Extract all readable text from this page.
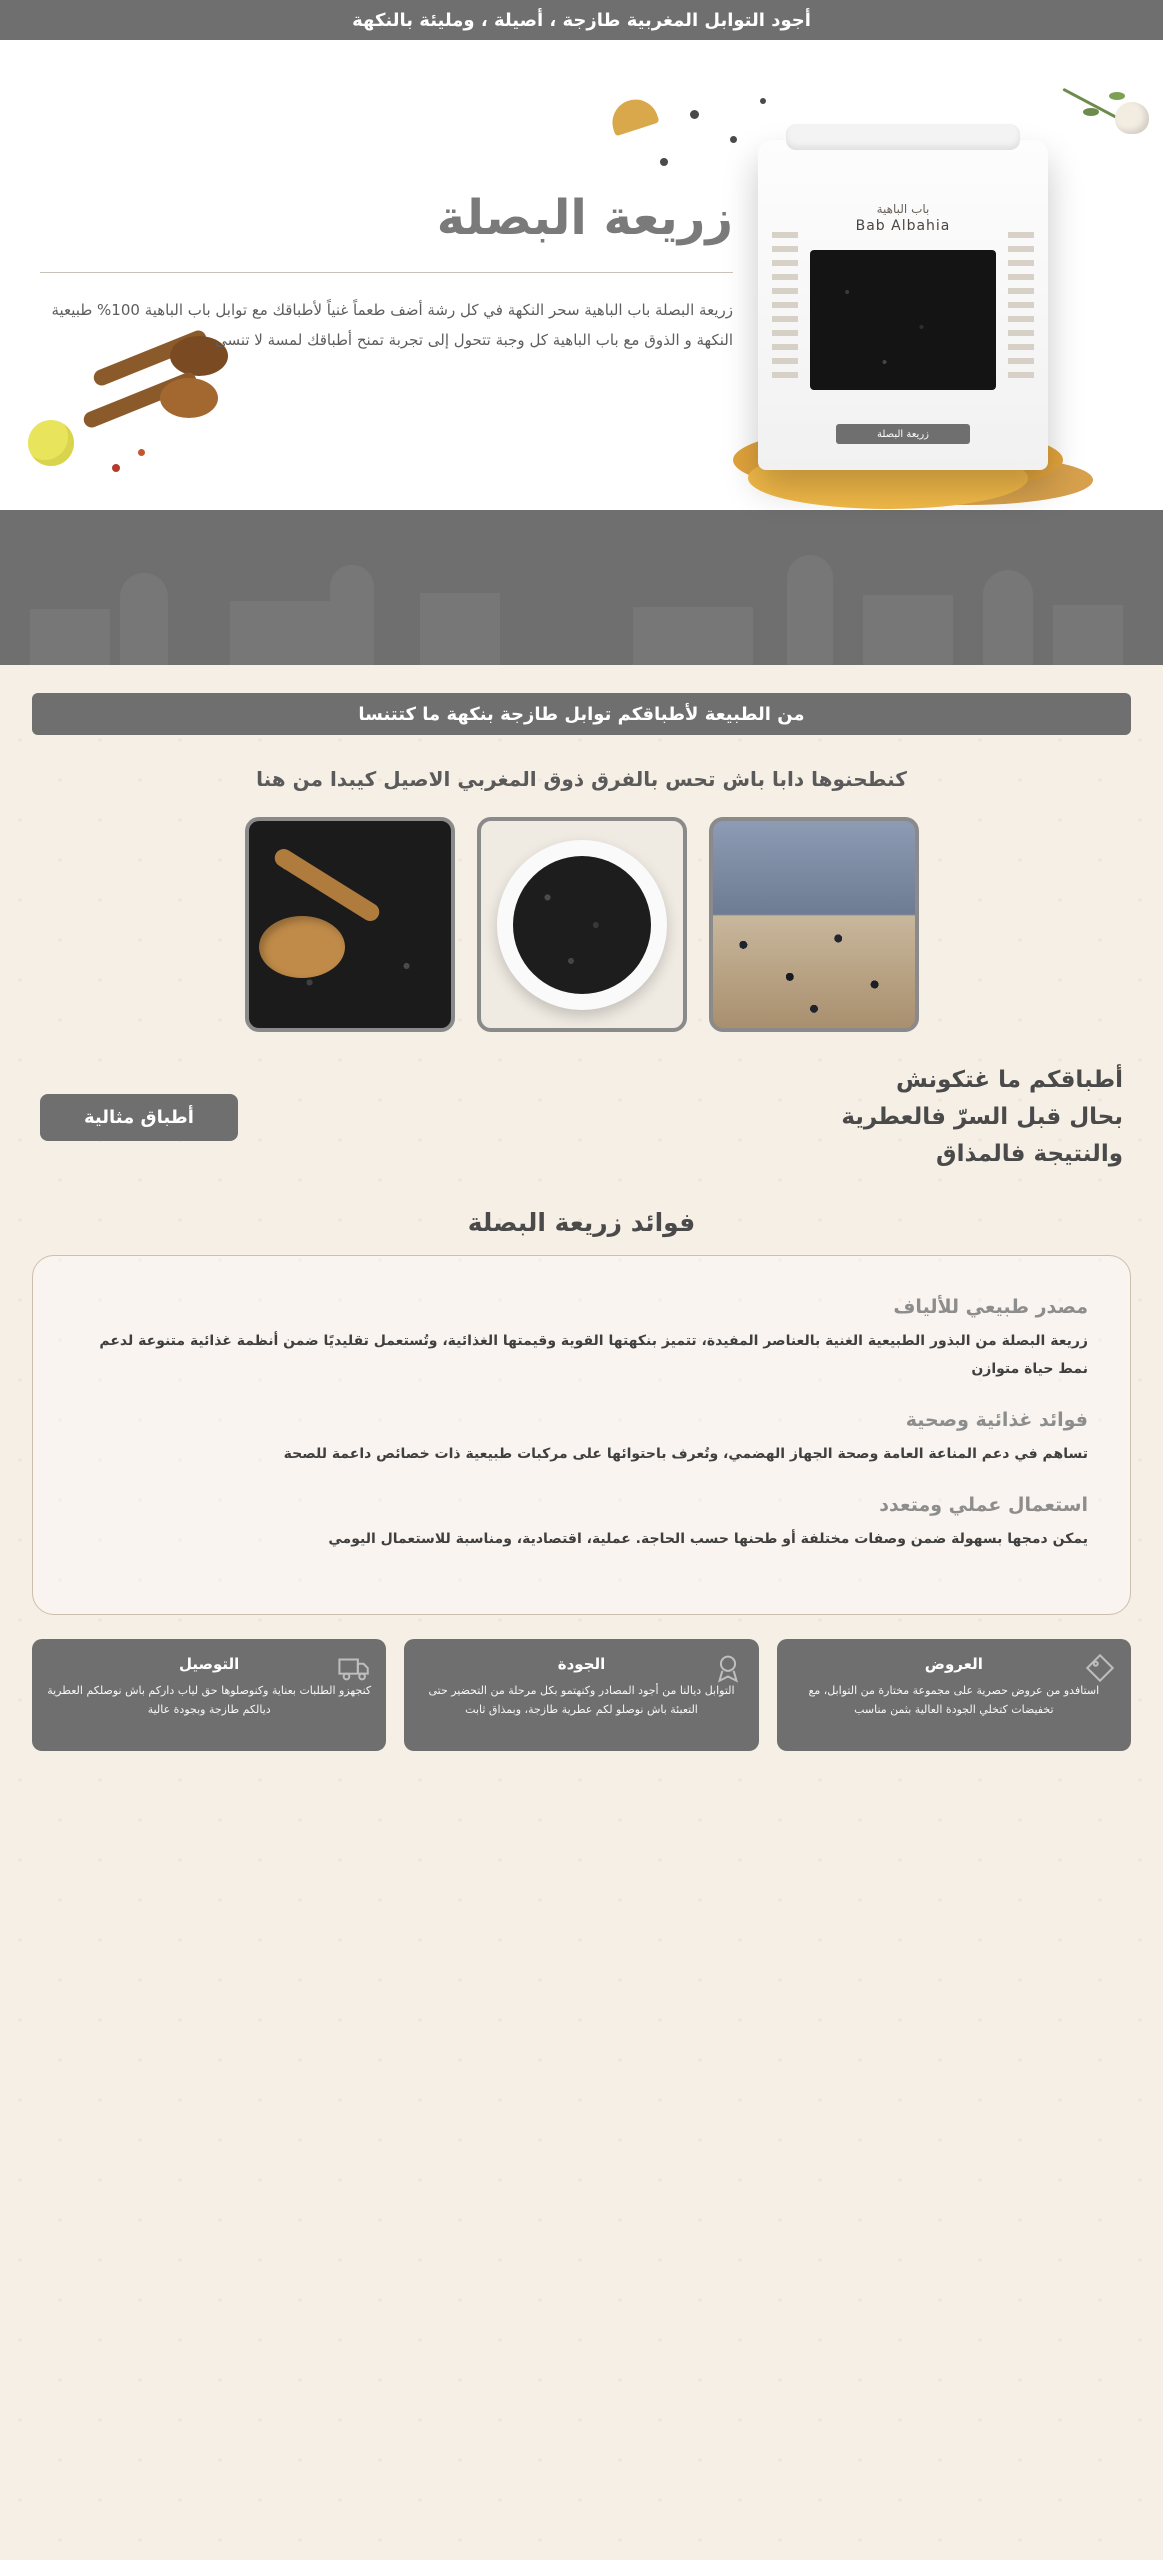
أجود التوابل المغربية طازجة ، أصيلة ، ومليئة بالنكهة
باب الباهية
Bab Albahia
زريعة البصلة
زريعة البصلة
زريعة البصلة باب الباهية سحر النكهة في كل رشة أضف طعماً غنياً لأطباقك مع توابل باب الباهية 100% طبيعية النكهة و الذوق مع باب الباهية كل وجبة تتحول إلى تجربة تمنح أطباقك لمسة لا تنسى
من الطبيعة لأطباقكم توابل طازجة بنكهة ما كتتنسا
كنطحنوها دابا باش تحس بالفرق ذوق المغربي الاصيل كيبدا من هنا
أطباقكم ما غتكونش
بحال قبل السرّ فالعطرية
والنتيجة فالمذاق
أطباق مثالية
فوائد زريعة البصلة
مصدر طبيعي للألياف
زريعة البصلة من البذور الطبيعية الغنية بالعناصر المفيدة، تتميز بنكهتها القوية وقيمتها الغذائية، وتُستعمل تقليديًا ضمن أنظمة غذائية متنوعة لدعم نمط حياة متوازن
فوائد غذائية وصحية
تساهم في دعم المناعة العامة وصحة الجهاز الهضمي، وتُعرف باحتوائها على مركبات طبيعية ذات خصائص داعمة للصحة
استعمال عملي ومتعدد
يمكن دمجها بسهولة ضمن وصفات مختلفة أو طحنها حسب الحاجة. عملية، اقتصادية، ومناسبة للاستعمال اليومي
العروض

استافدو من عروض حصرية على مجموعة مختارة من التوابل، مع تخفيضات كتخلي الجودة العالية بثمن مناسب

الجودة

التوابل ديالنا من أجود المصادر وكنهتمو بكل مرحلة من التحضير حتى التعبئة باش نوصلو لكم عطرية طازجة، وبمذاق ثابت

التوصيل

كنجهزو الطلبات بعناية وكنوصلوها حق لياب داركم باش نوصلكم العطرية ديالكم طازجة وبجودة عالية
